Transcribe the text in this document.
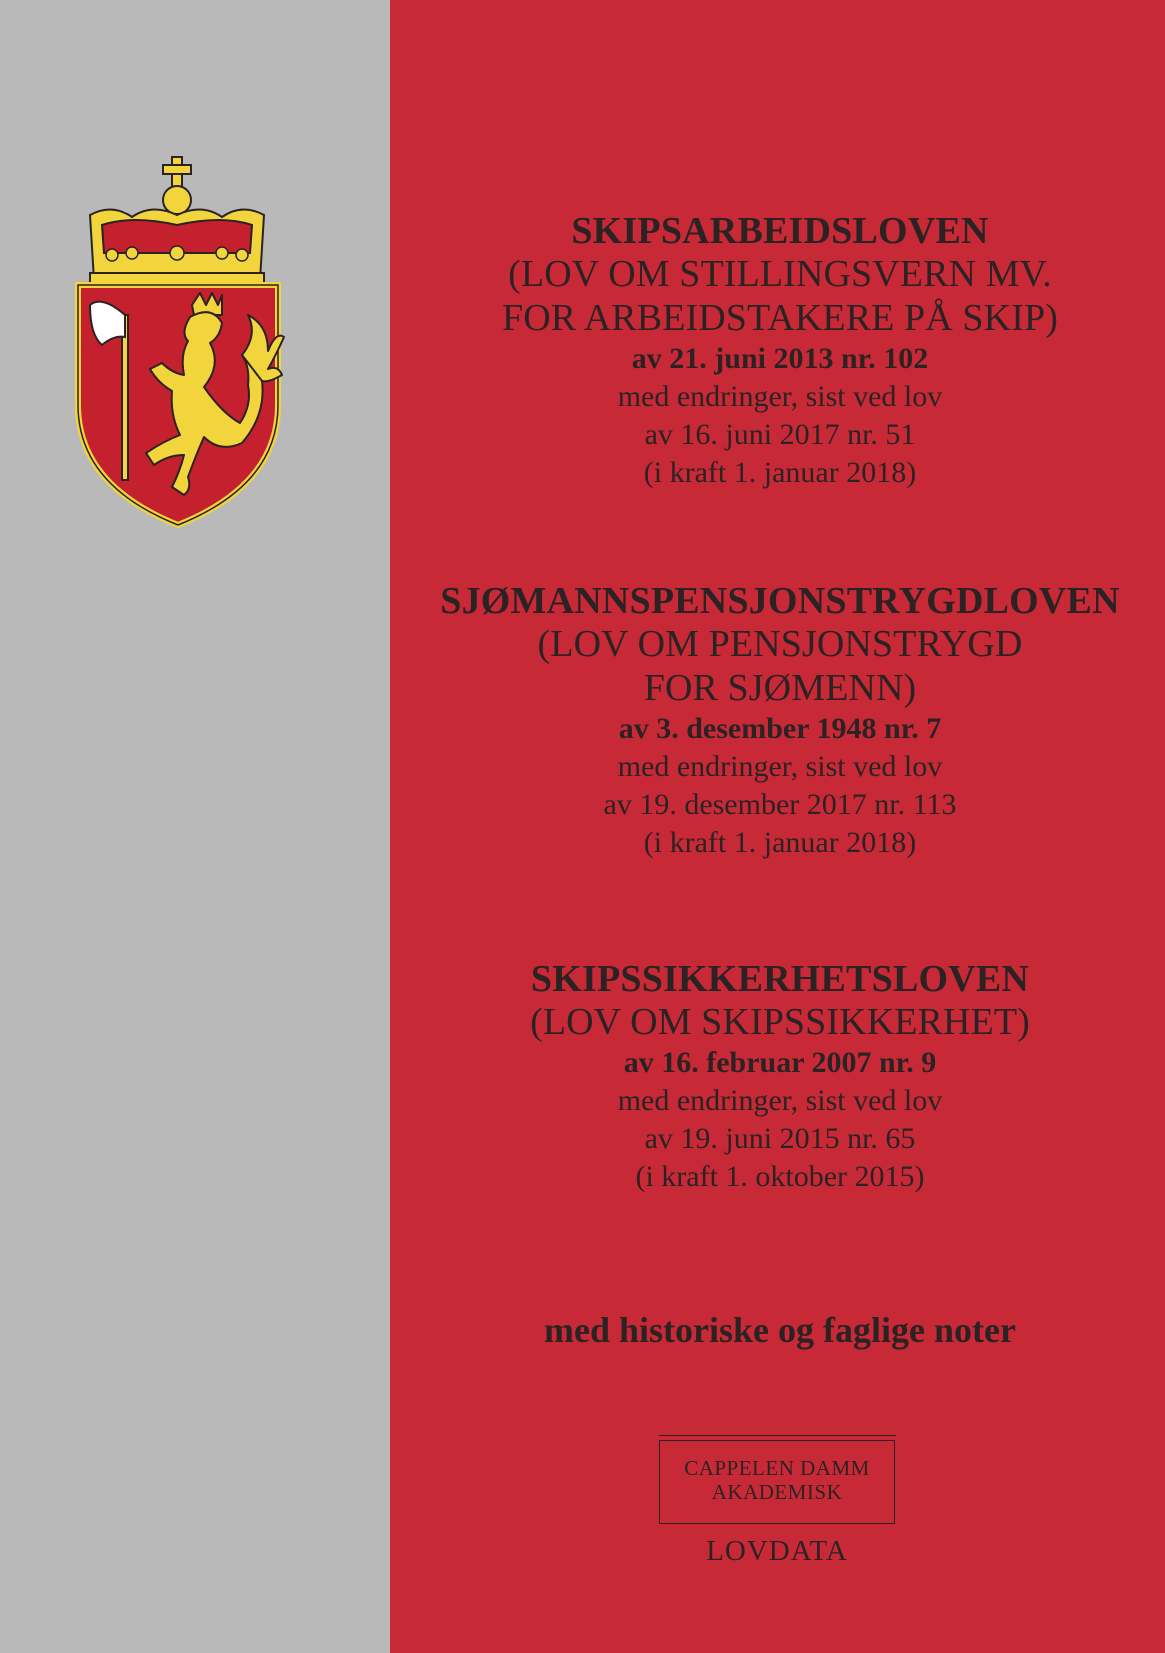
SKIPSARBEIDSLOVEN
(LOV OM STILLINGSVERN MV.
FOR ARBEIDSTAKERE PÅ SKIP)
av 21. juni 2013 nr. 102
med endringer, sist ved lov
av 16. juni 2017 nr. 51
(i kraft 1. januar 2018)
SJØMANNSPENSJONSTRYGDLOVEN
(LOV OM PENSJONSTRYGD
FOR SJØMENN)
av 3. desember 1948 nr. 7
med endringer, sist ved lov
av 19. desember 2017 nr. 113
(i kraft 1. januar 2018)
SKIPSSIKKERHETSLOVEN
(LOV OM SKIPSSIKKERHET)
av 16. februar 2007 nr. 9
med endringer, sist ved lov
av 19. juni 2015 nr. 65
(i kraft 1. oktober 2015)
med historiske og faglige noter
CAPPELEN DAMM
AKADEMISK
LOVDATA
